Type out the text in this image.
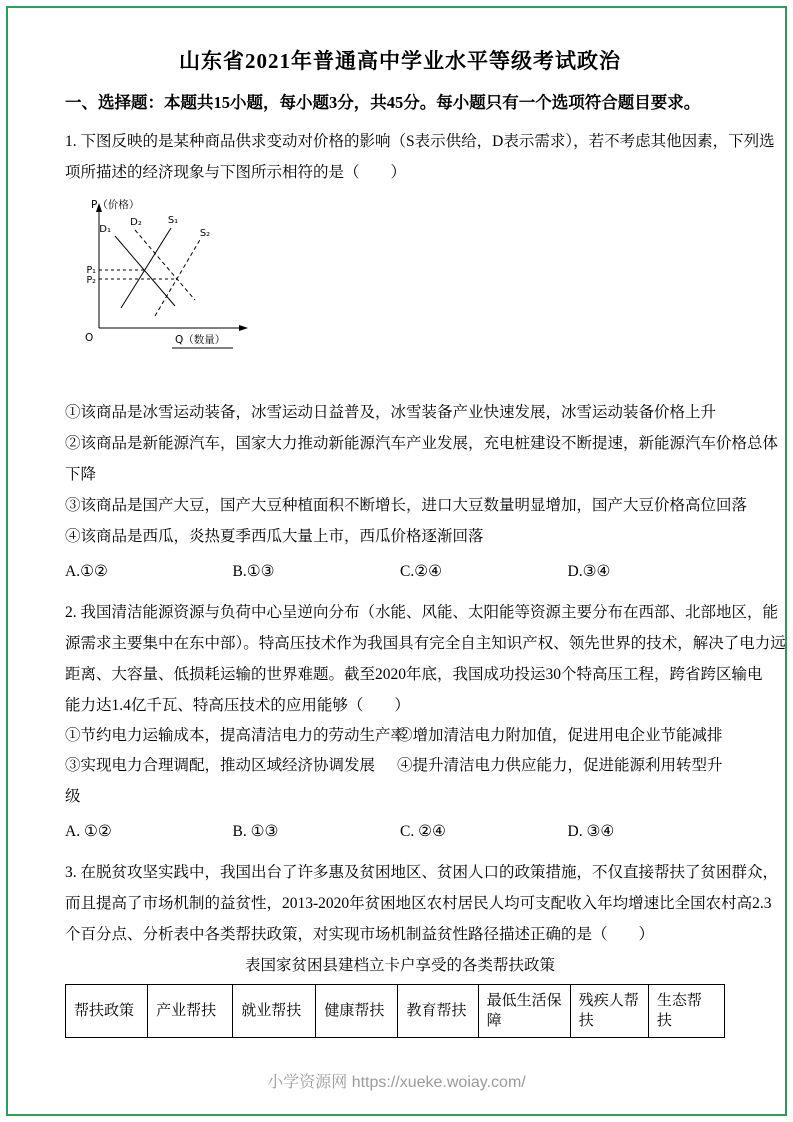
山东省2021年普通高中学业水平等级考试政治
一、选择题：本题共15小题，每小题3分，共45分。每小题只有一个选项符合题目要求。
1. 下图反映的是某种商品供求变动对价格的影响（S表示供给，D表示需求），若不考虑其他因素，下列选
项所描述的经济现象与下图所示相符的是（　　）
P（价格）
D₁
D₂	S₁
S₂
P₁
P₂
O	Q（数量）
①该商品是冰雪运动装备，冰雪运动日益普及，冰雪装备产业快速发展，冰雪运动装备价格上升
②该商品是新能源汽车，国家大力推动新能源汽车产业发展，充电桩建设不断提速，新能源汽车价格总体
下降
③该商品是国产大豆，国产大豆种植面积不断增长，进口大豆数量明显增加，国产大豆价格高位回落
④该商品是西瓜，炎热夏季西瓜大量上市，西瓜价格逐渐回落
A.①②	B.①③	C.②④	D.③④
2. 我国清洁能源资源与负荷中心呈逆向分布（水能、风能、太阳能等资源主要分布在西部、北部地区，能
源需求主要集中在东中部）。特高压技术作为我国具有完全自主知识产权、领先世界的技术，解决了电力远
距离、大容量、低损耗运输的世界难题。截至2020年底，我国成功投运30个特高压工程，跨省跨区输电
能力达1.4亿千瓦、特高压技术的应用能够（　　）
①节约电力运输成本，提高清洁电力的劳动生产率
②增加清洁电力附加值，促进用电企业节能减排
③实现电力合理调配，推动区域经济协调发展	④提升清洁电力供应能力，促进能源利用转型升
级
A. ①②	B. ①③	C. ②④	D. ③④
3. 在脱贫攻坚实践中，我国出台了许多惠及贫困地区、贫困人口的政策措施，不仅直接帮扶了贫困群众，
而且提高了市场机制的益贫性，2013-2020年贫困地区农村居民人均可支配收入年均增速比全国农村高2.3
个百分点、分析表中各类帮扶政策，对实现市场机制益贫性路径描述正确的是（　　）
表国家贫困县建档立卡户享受的各类帮扶政策
帮扶政策	产业帮扶	就业帮扶	健康帮扶	教育帮扶	最低生活保障	残疾人帮扶	生态帮扶
小学资源网 https://xueke.woiay.com/
